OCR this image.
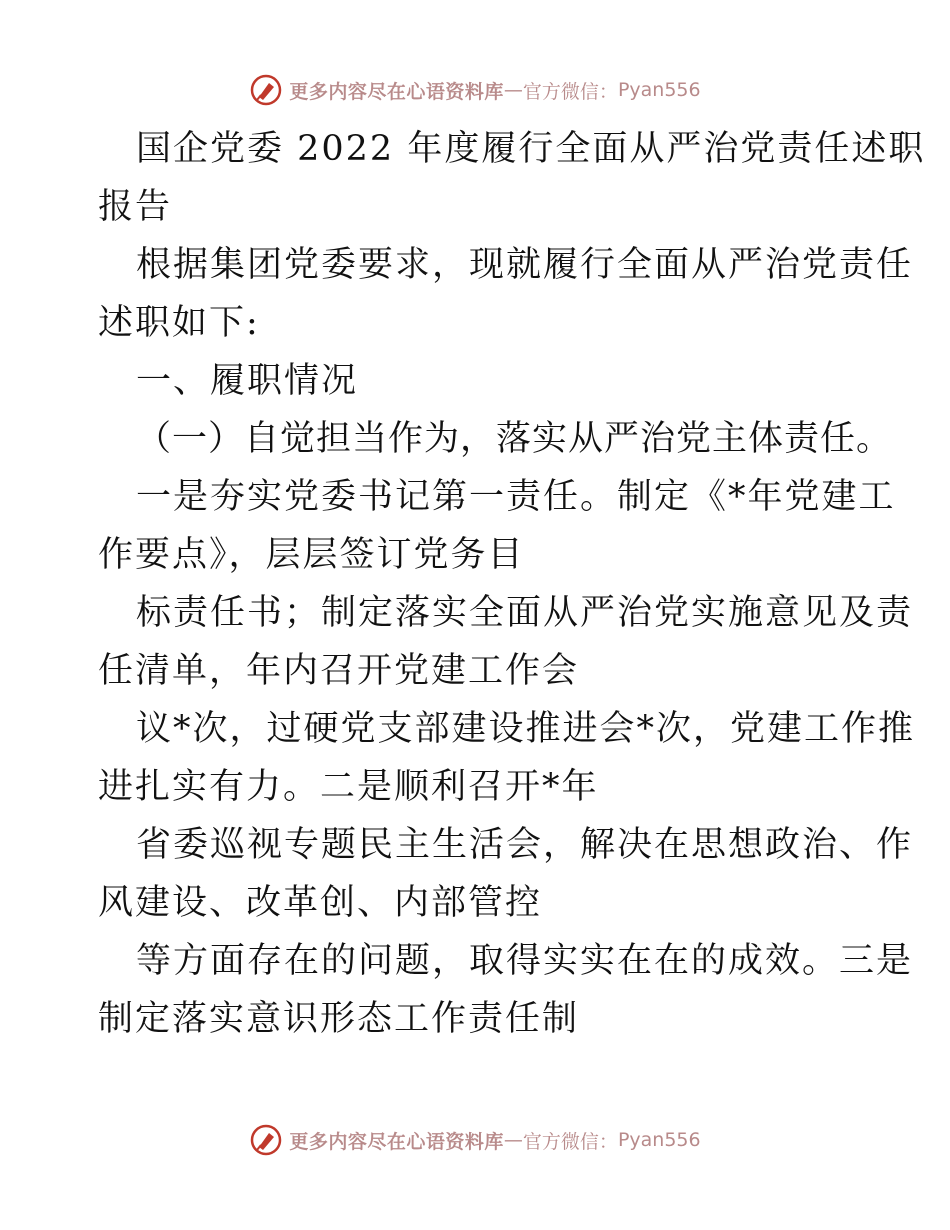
更多内容尽在心语资料库 — 官方微信： Pyan556
国企党委 2022 年度履行全面从严治党责任述职
报告
根据集团党委要求，现就履行全面从严治党责任
述职如下:
一、履职情况
（一）自觉担当作为，落实从严治党主体责任。
一是夯实党委书记第一责任。制定《*年党建工
作要点》，层层签订党务目
标责任书；制定落实全面从严治党实施意见及责
任清单，年内召开党建工作会
议*次，过硬党支部建设推进会*次，党建工作推
进扎实有力。二是顺利召开*年
省委巡视专题民主生活会，解决在思想政治、作
风建设、改革创、内部管控
等方面存在的问题，取得实实在在的成效。三是
制定落实意识形态工作责任制
更多内容尽在心语资料库 — 官方微信： Pyan556
